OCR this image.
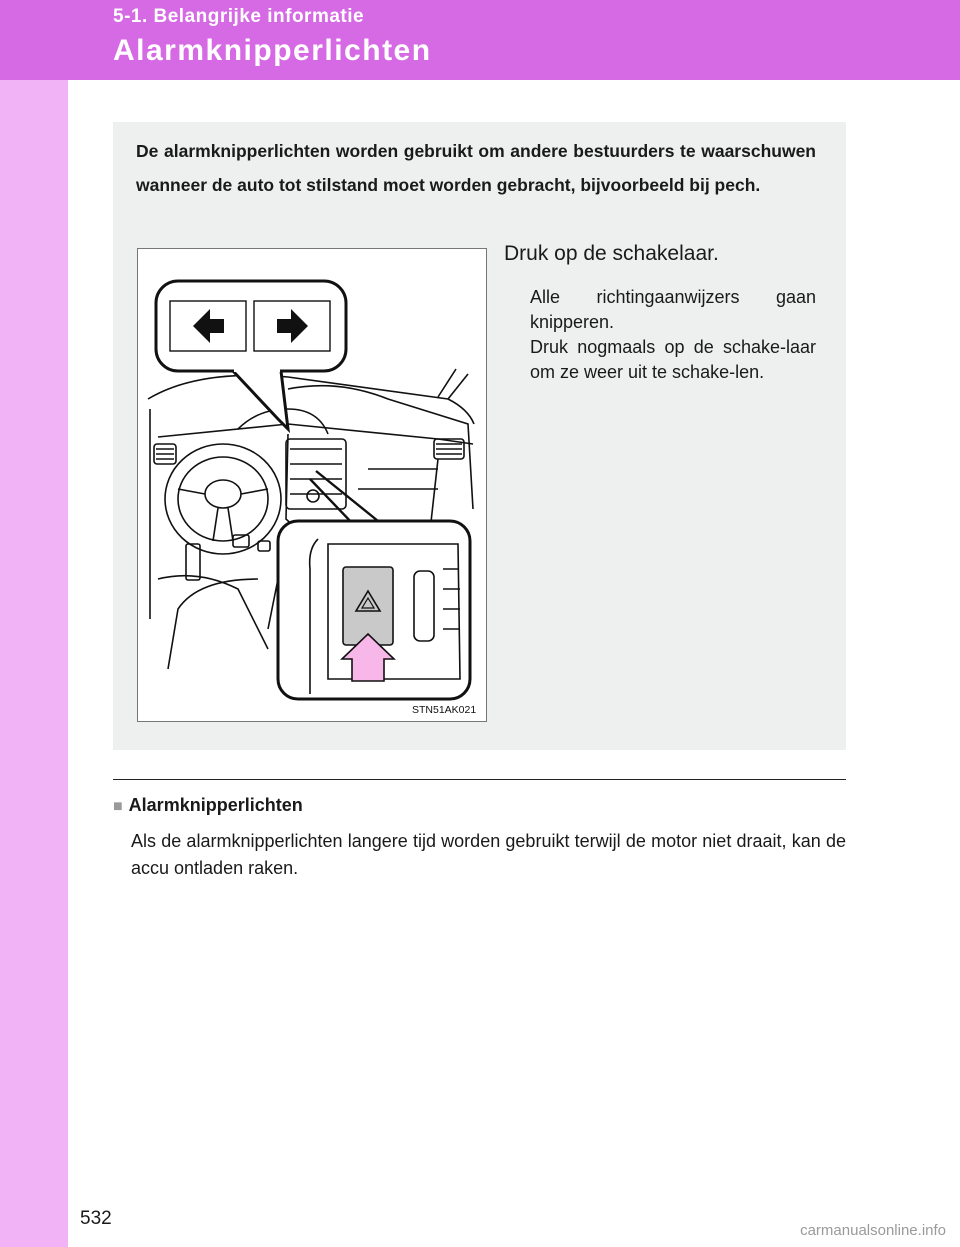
5-1. Belangrijke informatie
Alarmknipperlichten
De alarmknipperlichten worden gebruikt om andere bestuurders te waarschuwen wanneer de auto tot stilstand moet worden gebracht, bijvoorbeeld bij pech.
STN51AK021
Druk op de schakelaar.

Alle richtingaanwijzers gaan knipperen.

Druk nogmaals op de schake-laar om ze weer uit te schake-len.

■ Alarmknipperlichten
Als de alarmknipperlichten langere tijd worden gebruikt terwijl de motor niet draait, kan de accu ontladen raken.
532
carmanualsonline.info
